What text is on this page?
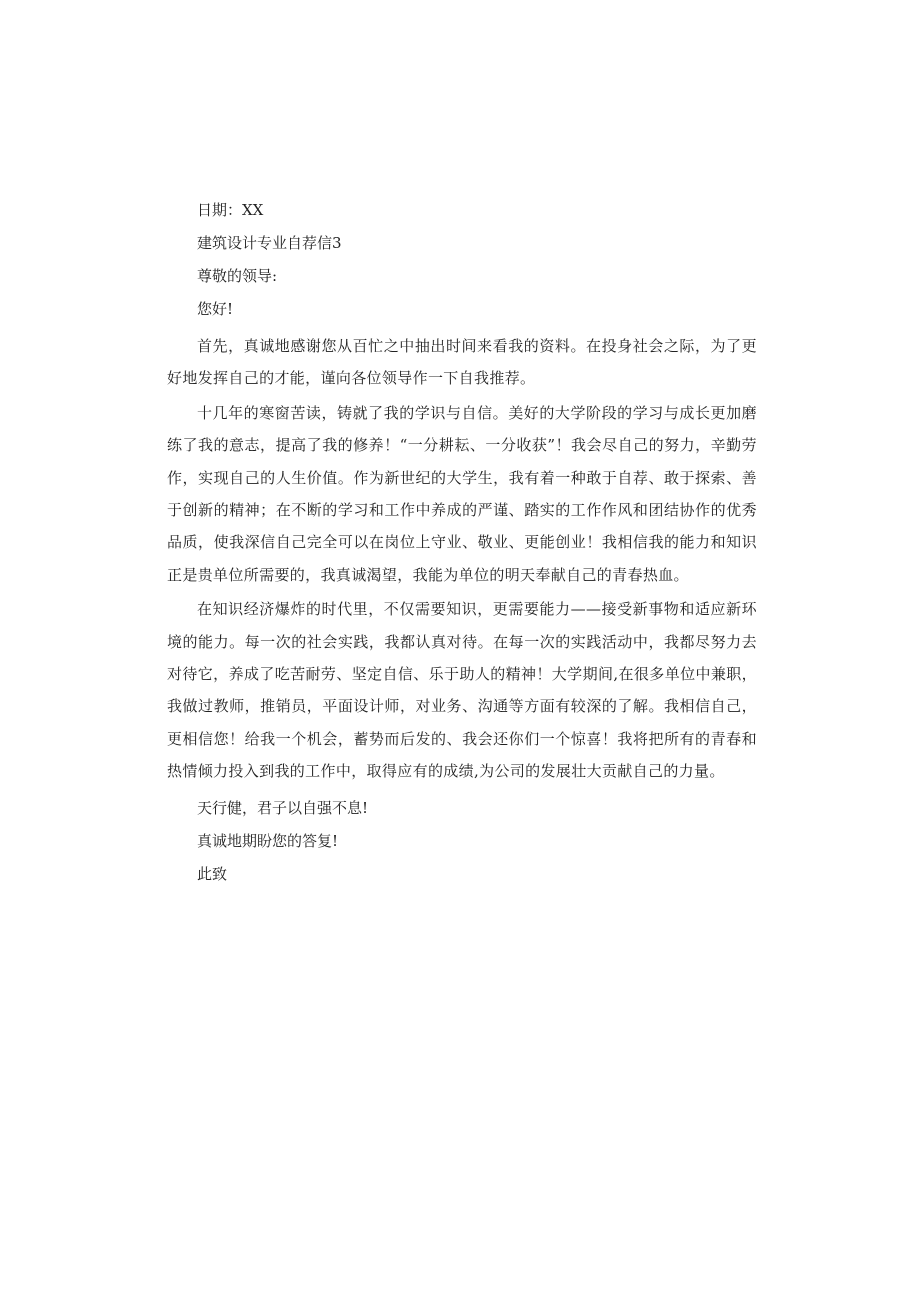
日期：XX

建筑设计专业自荐信3

尊敬的领导:

您好!

首先，真诚地感谢您从百忙之中抽出时间来看我的资料。在投身社会之际，为了更好地发挥自己的才能，谨向各位领导作一下自我推荐。

十几年的寒窗苦读，铸就了我的学识与自信。美好的大学阶段的学习与成长更加磨练了我的意志，提高了我的修养！“一分耕耘、一分收获”！我会尽自己的努力，辛勤劳作，实现自己的人生价值。作为新世纪的大学生，我有着一种敢于自荐、敢于探索、善于创新的精神；在不断的学习和工作中养成的严谨、踏实的工作作风和团结协作的优秀品质，使我深信自己完全可以在岗位上守业、敬业、更能创业！我相信我的能力和知识正是贵单位所需要的，我真诚渴望，我能为单位的明天奉献自己的青春热血。

在知识经济爆炸的时代里，不仅需要知识，更需要能力——接受新事物和适应新环境的能力。每一次的社会实践，我都认真对待。在每一次的实践活动中，我都尽努力去对待它，养成了吃苦耐劳、坚定自信、乐于助人的精神！大学期间,在很多单位中兼职，我做过教师，推销员，平面设计师，对业务、沟通等方面有较深的了解。我相信自己，更相信您！给我一个机会，蓄势而后发的、我会还你们一个惊喜！我将把所有的青春和热情倾力投入到我的工作中，取得应有的成绩,为公司的发展壮大贡献自己的力量。

天行健，君子以自强不息!

真诚地期盼您的答复!

此致
